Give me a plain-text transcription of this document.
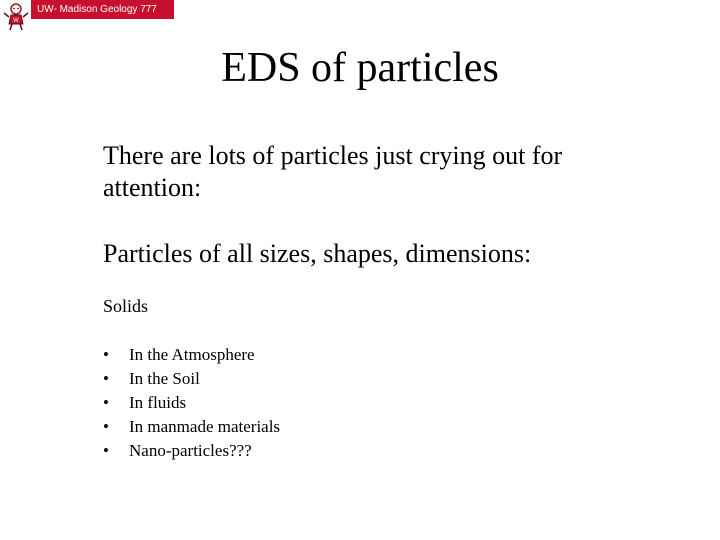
W
UW- Madison Geology 777
EDS of particles

There are lots of particles just crying out for attention:

Particles of all sizes, shapes, dimensions:

Solids

•	In the Atmosphere
•	In the Soil
•	In fluids
•	In manmade materials
•	Nano-particles???
